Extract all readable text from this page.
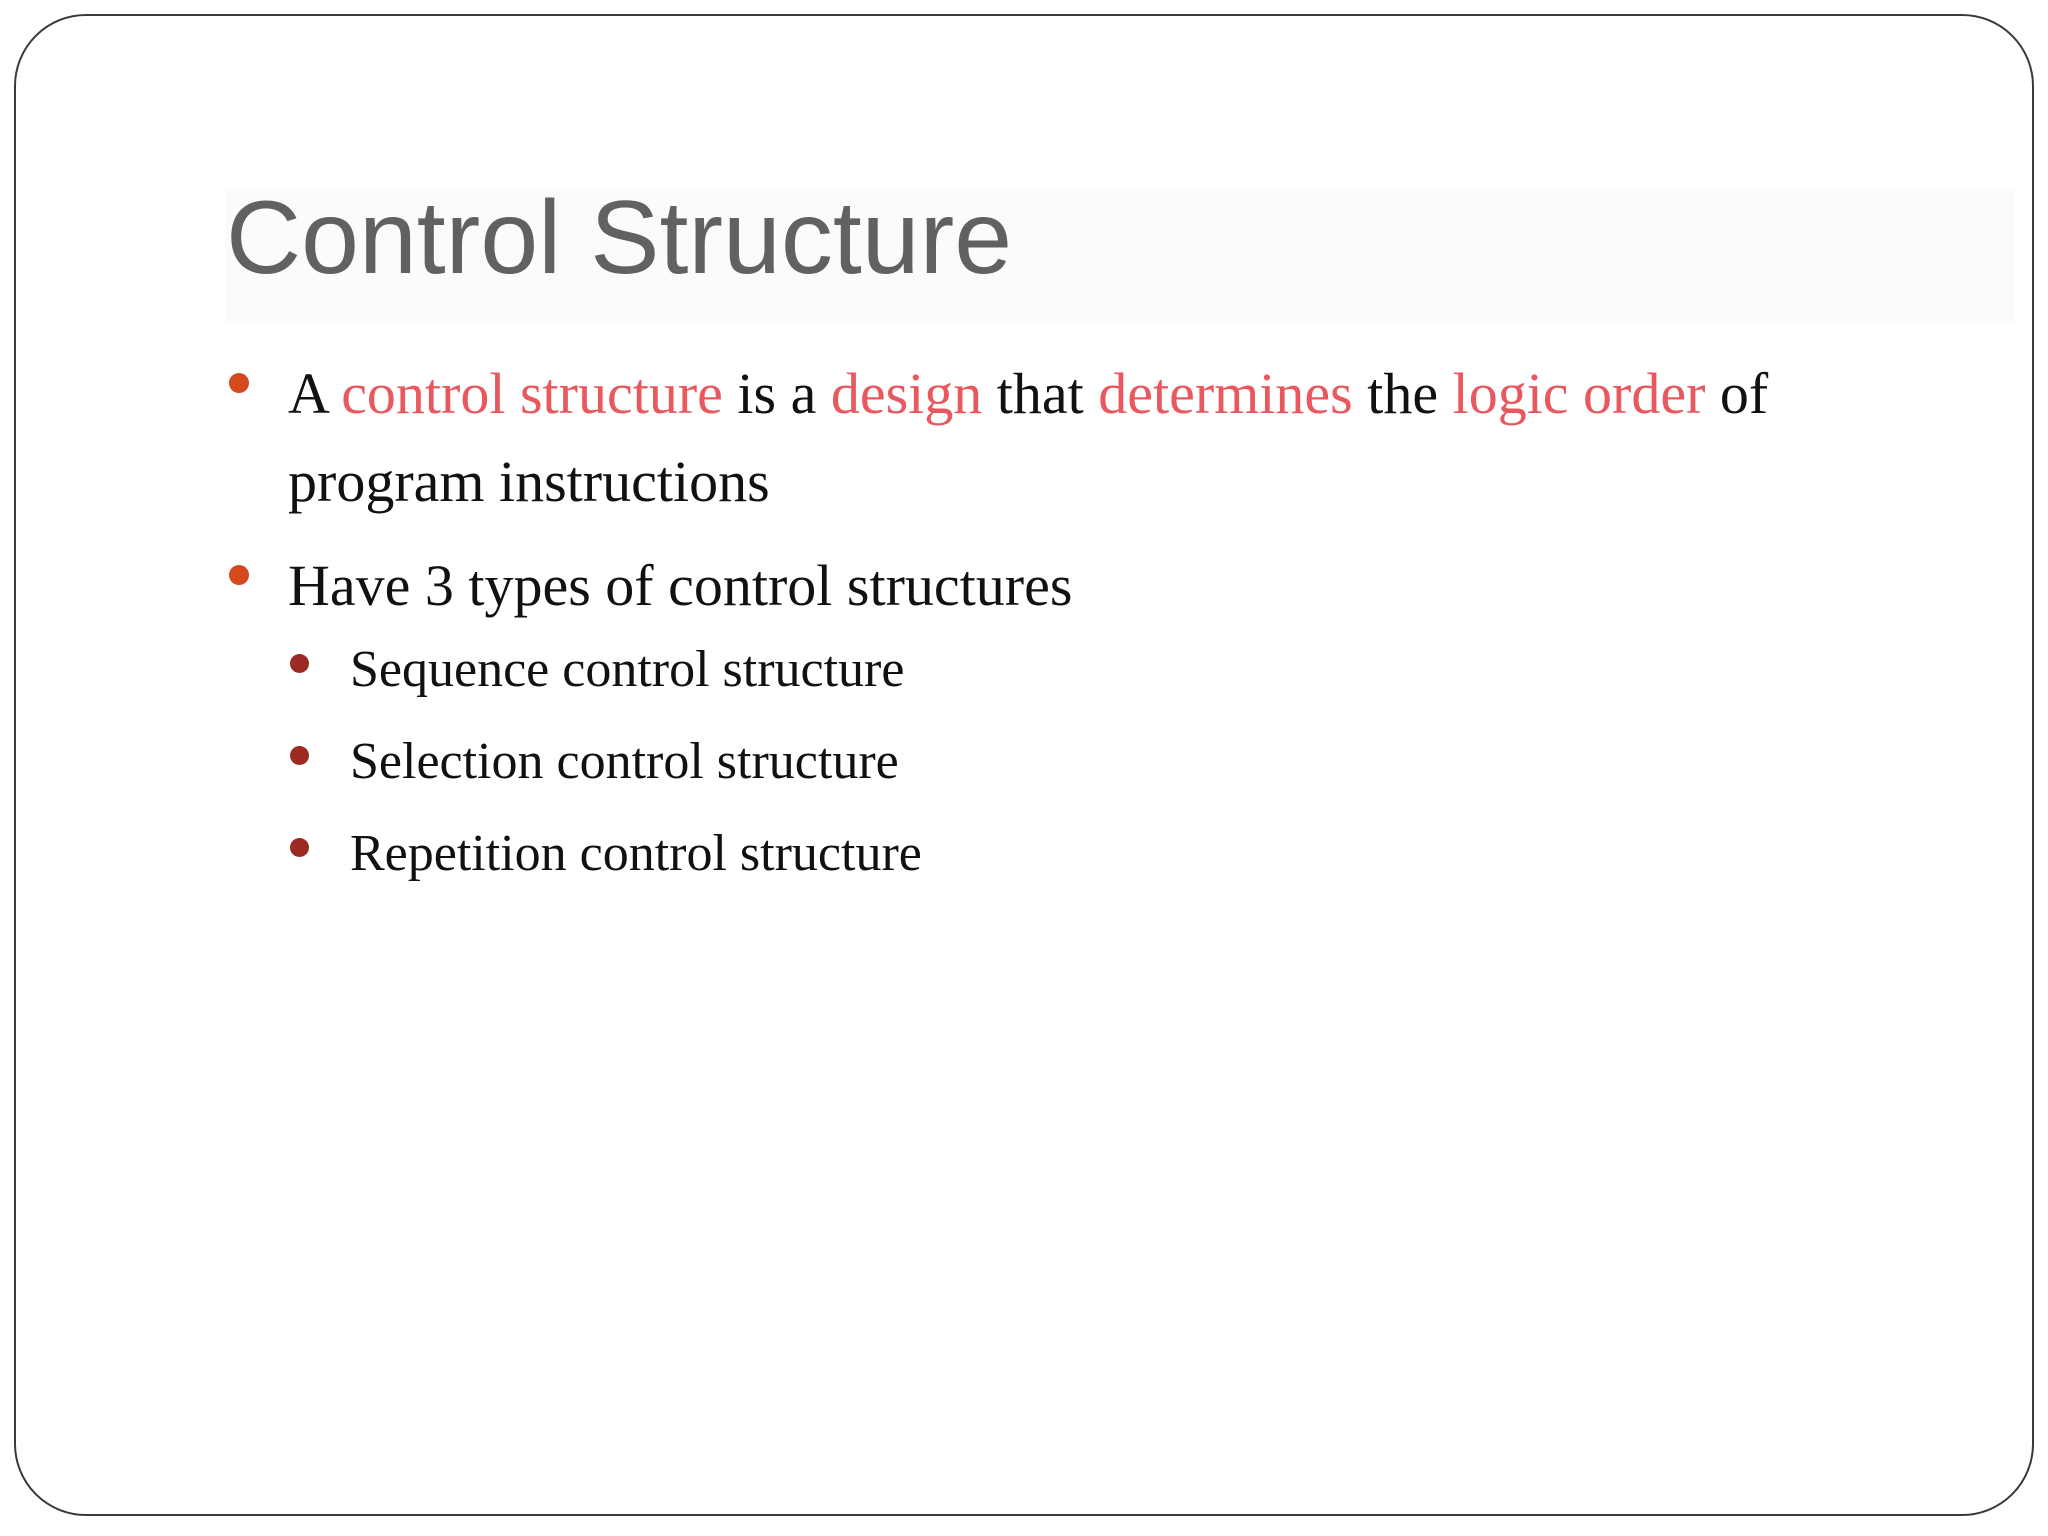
Control Structure
A control structure is a design that determines the logic order of program instructions
Have 3 types of control structures
Sequence control structure
Selection control structure
Repetition control structure
